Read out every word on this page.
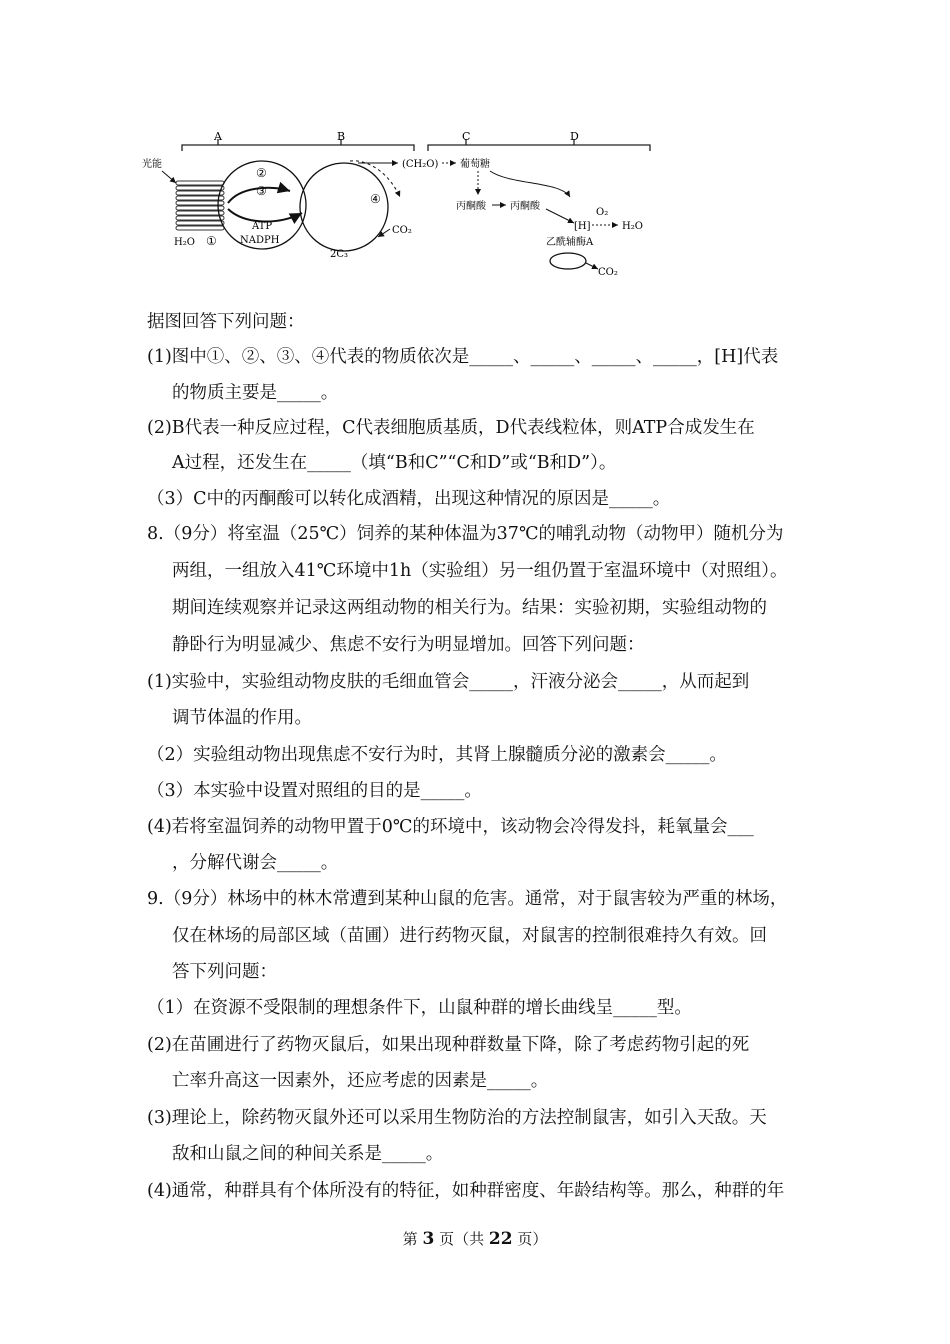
A	B	C	D
光能
H₂O ①
②
③
ATP
NADPH
④
CO₂
2C₃
(CH₂O) 葡萄糖
丙酮酸 丙酮酸
[H]
O₂
H₂O
乙酰辅酶A
CO₂
据图回答下列问题：
(1)图中①、②、③、④代表的物质依次是_____、_____、_____、_____，[H]代表
的物质主要是_____。
(2)B代表一种反应过程，C代表细胞质基质，D代表线粒体，则ATP合成发生在
A过程，还发生在_____（填“B和C”“C和D”或“B和D”）。
（3）C中的丙酮酸可以转化成酒精，出现这种情况的原因是_____。
8.（9分）将室温（25℃）饲养的某种体温为37℃的哺乳动物（动物甲）随机分为
两组，一组放入41℃环境中1h（实验组）另一组仍置于室温环境中（对照组）。
期间连续观察并记录这两组动物的相关行为。结果：实验初期，实验组动物的
静卧行为明显减少、焦虑不安行为明显增加。回答下列问题：
(1)实验中，实验组动物皮肤的毛细血管会_____，汗液分泌会_____，从而起到
调节体温的作用。
（2）实验组动物出现焦虑不安行为时，其肾上腺髓质分泌的激素会_____。
（3）本实验中设置对照组的目的是_____。
(4)若将室温饲养的动物甲置于0℃的环境中，该动物会冷得发抖，耗氧量会___
，分解代谢会_____。
9.（9分）林场中的林木常遭到某种山鼠的危害。通常，对于鼠害较为严重的林场，
仅在林场的局部区域（苗圃）进行药物灭鼠，对鼠害的控制很难持久有效。回
答下列问题：
（1）在资源不受限制的理想条件下，山鼠种群的增长曲线呈_____型。
(2)在苗圃进行了药物灭鼠后，如果出现种群数量下降，除了考虑药物引起的死
亡率升高这一因素外，还应考虑的因素是_____。
(3)理论上，除药物灭鼠外还可以采用生物防治的方法控制鼠害，如引入天敌。天
敌和山鼠之间的种间关系是_____。
(4)通常，种群具有个体所没有的特征，如种群密度、年龄结构等。那么，种群的年
第 3 页（共 22 页）
